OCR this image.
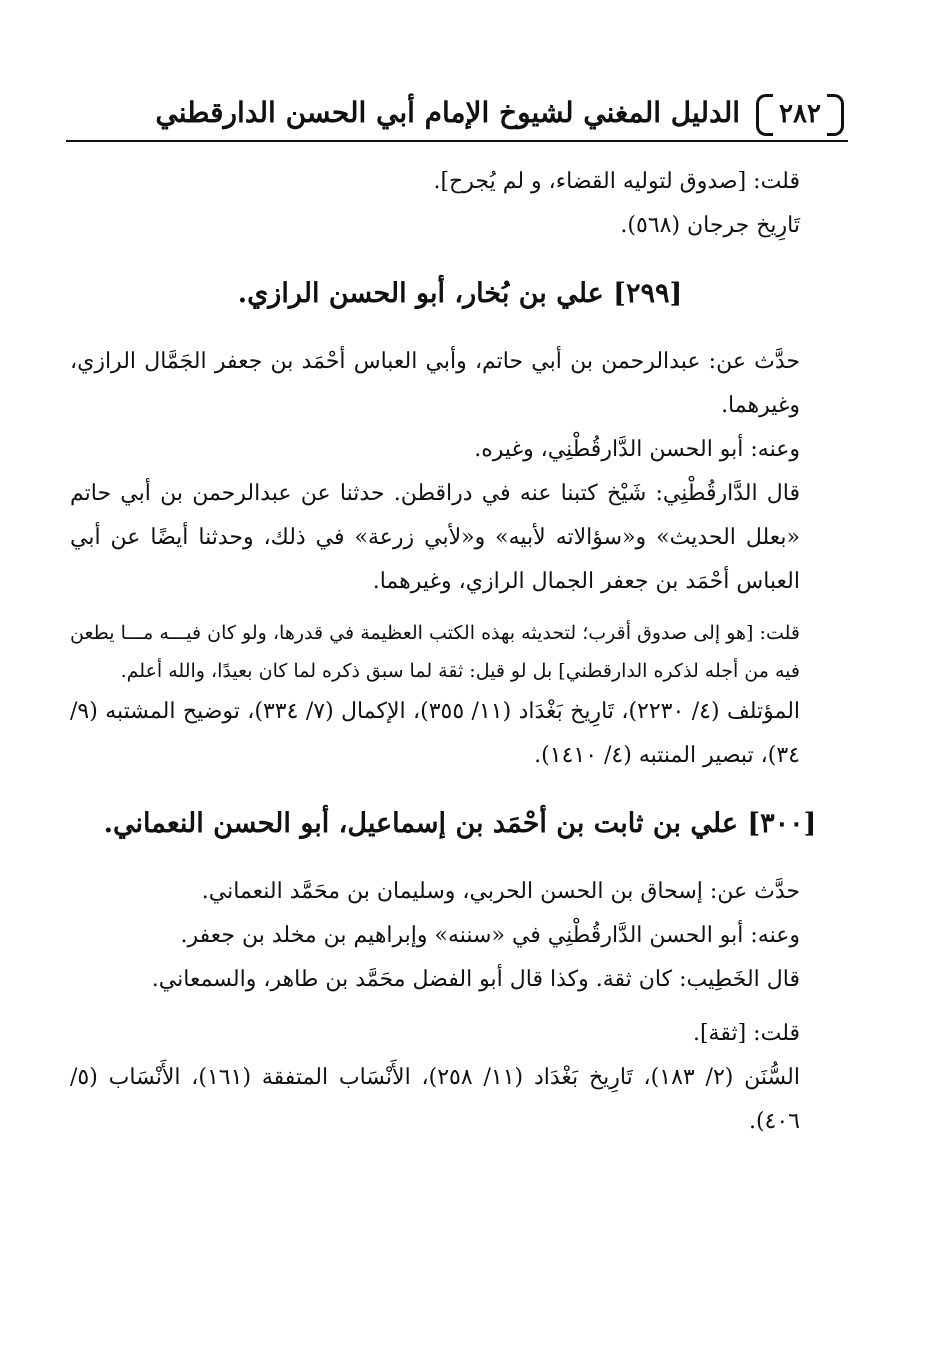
٢٨٢
الدليل المغني لشيوخ الإمام أبي الحسن الدارقطني

قلت: [صدوق لتوليه القضاء، و لم يُجرح].

تَارِيخ جرجان (٥٦٨).

[٢٩٩] علي بن بُخار، أبو الحسن الرازي.

حدَّث عن: عبدالرحمن بن أبي حاتم، وأبي العباس أحْمَد بن جعفر الجَمَّال الرازي، وغيرهما.

وعنه: أبو الحسن الدَّارقُطْنِي، وغيره.

قال الدَّارقُطْنِي: شَيْخ كتبنا عنه في دراقطن. حدثنا عن عبدالرحمن بن أبي حاتم «بعلل الحديث» و«سؤالاته لأبيه» و«لأبي زرعة» في ذلك، وحدثنا أيضًا عن أبي العباس أحْمَد بن جعفر الجمال الرازي، وغيرهما.

قلت: [هو إلى صدوق أقرب؛ لتحديثه بهذه الكتب العظيمة في قدرها، ولو كان فيـــه مـــا يطعن فيه من أجله لذكره الدارقطني] بل لو قيل: ثقة لما سبق ذكره لما كان بعيدًا، والله أعلم.

المؤتلف (٤/ ٢٢٣٠)، تَارِيخ بَغْدَاد (١١/ ٣٥٥)، الإكمال (٧/ ٣٣٤)، توضيح المشتبه (٩/ ٣٤)، تبصير المنتبه (٤/ ١٤١٠).

[٣٠٠] علي بن ثابت بن أحْمَد بن إسماعيل، أبو الحسن النعماني.

حدَّث عن: إسحاق بن الحسن الحربي، وسليمان بن محَمَّد النعماني.

وعنه: أبو الحسن الدَّارقُطْنِي في «سننه» وإبراهيم بن مخلد بن جعفر.

قال الخَطِيب: كان ثقة. وكذا قال أبو الفضل محَمَّد بن طاهر، والسمعاني.

قلت: [ثقة].

السُّنَن (٢/ ١٨٣)، تَارِيخ بَغْدَاد (١١/ ٢٥٨)، الأَنْسَاب المتفقة (١٦١)، الأَنْسَاب (٥/ ٤٠٦).
